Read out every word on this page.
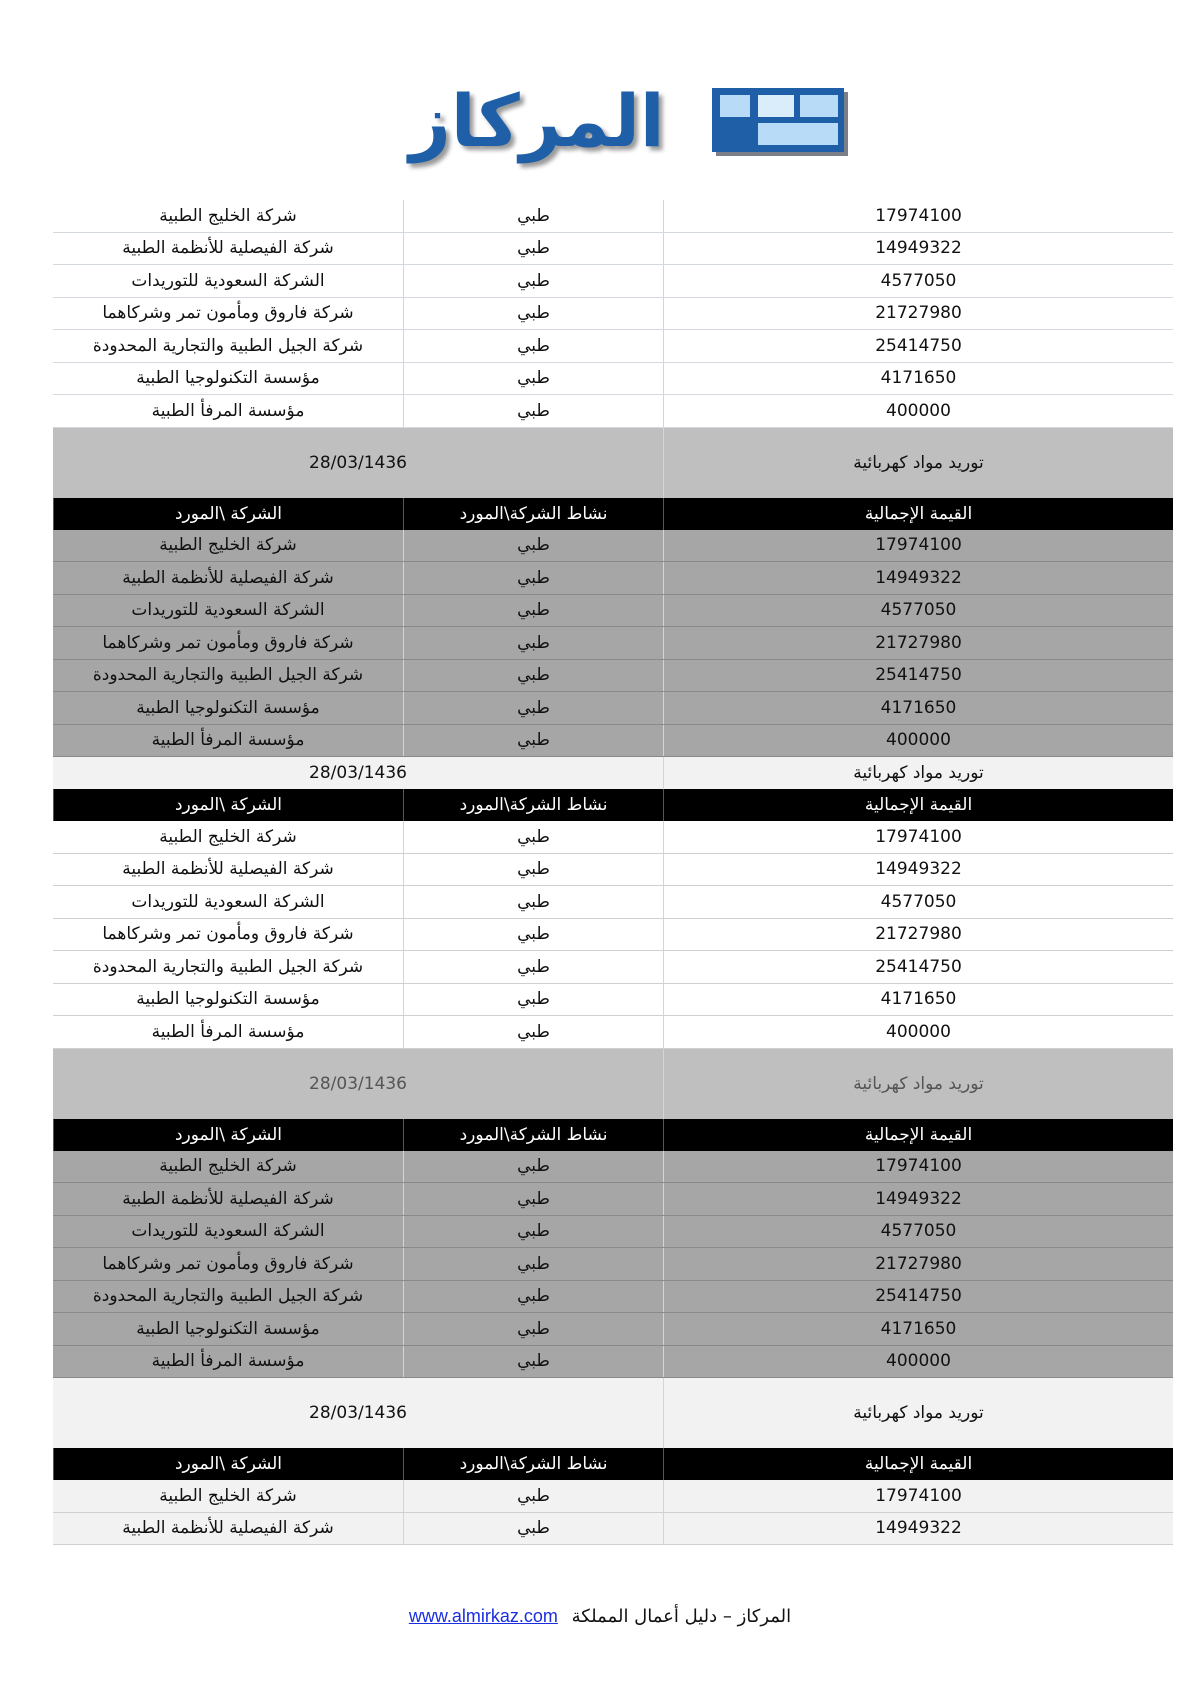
المركاز
17974100
طبي
شركة الخليج الطبية
14949322
طبي
شركة الفيصلية للأنظمة الطبية
4577050
طبي
الشركة السعودية للتوريدات
21727980
طبي
شركة فاروق ومأمون تمر وشركاهما
25414750
طبي
شركة الجيل الطبية والتجارية المحدودة
4171650
طبي
مؤسسة التكنولوجيا الطبية
400000
طبي
مؤسسة المرفأ الطبية
توريد مواد كهربائية
28/03/1436
القيمة الإجمالية
نشاط الشركة\المورد
الشركة \المورد
17974100
طبي
شركة الخليج الطبية
14949322
طبي
شركة الفيصلية للأنظمة الطبية
4577050
طبي
الشركة السعودية للتوريدات
21727980
طبي
شركة فاروق ومأمون تمر وشركاهما
25414750
طبي
شركة الجيل الطبية والتجارية المحدودة
4171650
طبي
مؤسسة التكنولوجيا الطبية
400000
طبي
مؤسسة المرفأ الطبية
توريد مواد كهربائية
28/03/1436
القيمة الإجمالية
نشاط الشركة\المورد
الشركة \المورد
17974100
طبي
شركة الخليج الطبية
14949322
طبي
شركة الفيصلية للأنظمة الطبية
4577050
طبي
الشركة السعودية للتوريدات
21727980
طبي
شركة فاروق ومأمون تمر وشركاهما
25414750
طبي
شركة الجيل الطبية والتجارية المحدودة
4171650
طبي
مؤسسة التكنولوجيا الطبية
400000
طبي
مؤسسة المرفأ الطبية
توريد مواد كهربائية
28/03/1436
القيمة الإجمالية
نشاط الشركة\المورد
الشركة \المورد
17974100
طبي
شركة الخليج الطبية
14949322
طبي
شركة الفيصلية للأنظمة الطبية
4577050
طبي
الشركة السعودية للتوريدات
21727980
طبي
شركة فاروق ومأمون تمر وشركاهما
25414750
طبي
شركة الجيل الطبية والتجارية المحدودة
4171650
طبي
مؤسسة التكنولوجيا الطبية
400000
طبي
مؤسسة المرفأ الطبية
توريد مواد كهربائية
28/03/1436
القيمة الإجمالية
نشاط الشركة\المورد
الشركة \المورد
17974100
طبي
شركة الخليج الطبية
14949322
طبي
شركة الفيصلية للأنظمة الطبية
المركاز – دليل أعمال المملكة www.almirkaz.com
